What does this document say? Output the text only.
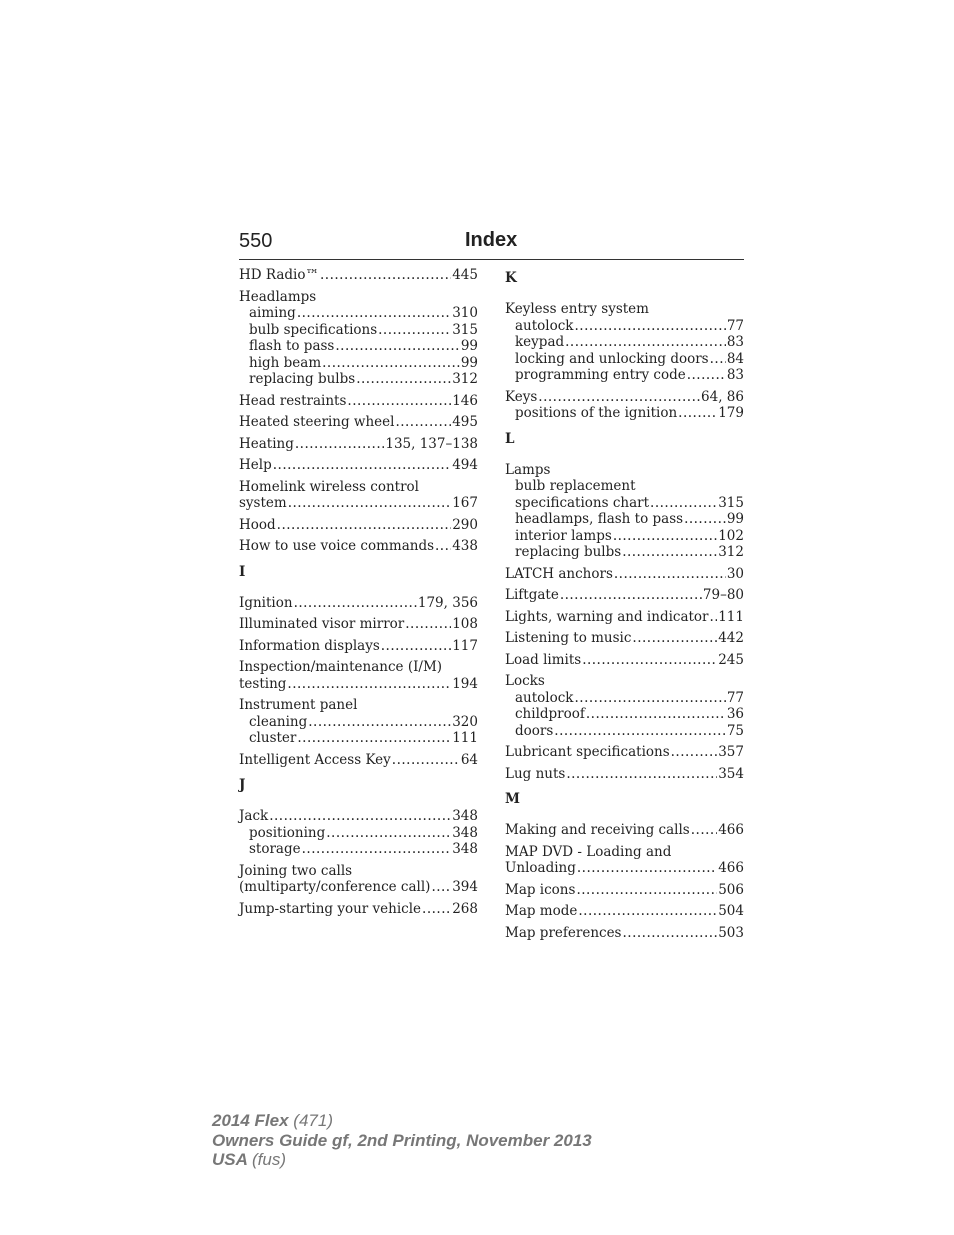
550	Index
HD Radio™ .....	445
Headlamps
aiming .....	310
bulb specifications .....	315
flash to pass .....	99
high beam .....	99
replacing bulbs .....	312
Head restraints .....	146
Heated steering wheel .....	495
Heating .....	135, 137–138
Help .....	494
Homelink wireless control
system .....	167
Hood .....	290
How to use voice commands ..... 438
I
Ignition .....	179, 356
Illuminated visor mirror .....	108
Information displays .....	117
Inspection/maintenance (I/M)
testing .....	194
Instrument panel
cleaning .....	320
cluster .....	111
Intelligent Access Key .....	64
J
Jack .....	348
positioning .....	348
storage .....	348
Joining two calls
(multiparty/conference call) ..... 394
Jump-starting your vehicle ..... 268
K
Keyless entry system
autolock .....	77
keypad .....	83
locking and unlocking doors ..... 84
programming entry code .....	83
Keys .....	64, 86
positions of the ignition .....	179
L
Lamps
bulb replacement
specifications chart .....	315
headlamps, flash to pass .....	99
interior lamps .....	102
replacing bulbs .....	312
LATCH anchors .....	30
Liftgate .....	79–80
Lights, warning and indicator ..... 111
Listening to music .....	442
Load limits .....	245
Locks
autolock .....	77
childproof .....	36
doors .....	75
Lubricant specifications .....	357
Lug nuts .....	354
M
Making and receiving calls ..... 466
MAP DVD - Loading and
Unloading .....	466
Map icons .....	506
Map mode .....	504
Map preferences .....	503
2014 Flex (471)
Owners Guide gf, 2nd Printing, November 2013
USA (fus)
